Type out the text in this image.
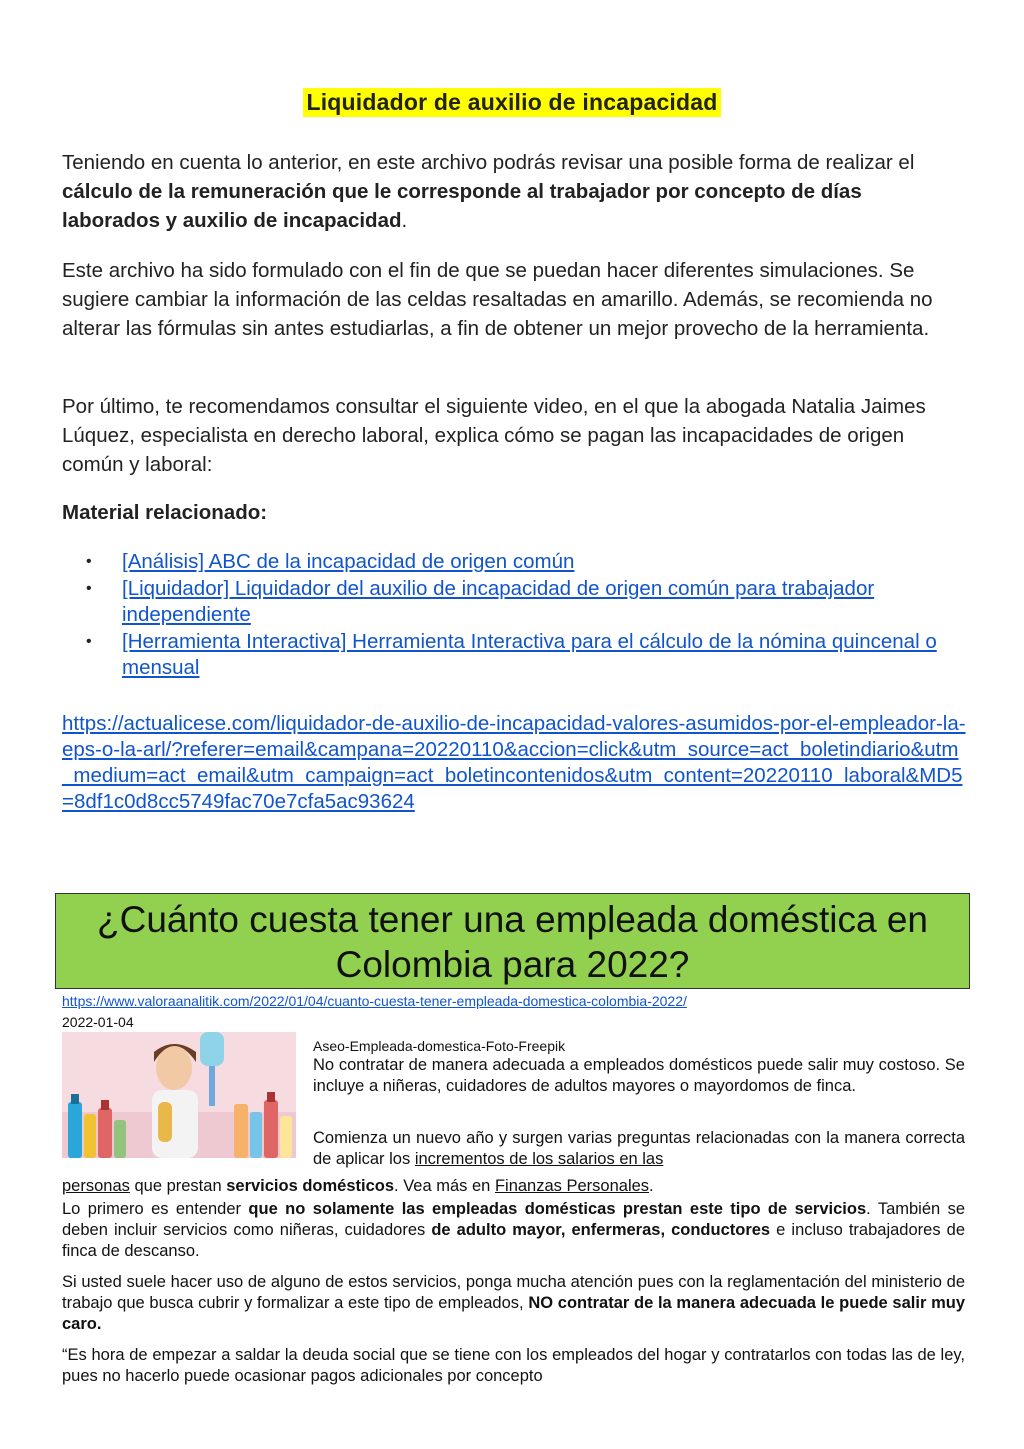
Liquidador de auxilio de incapacidad
Teniendo en cuenta lo anterior, en este archivo podrás revisar una posible forma de realizar el cálculo de la remuneración que le corresponde al trabajador por concepto de días laborados y auxilio de incapacidad.
Este archivo ha sido formulado con el fin de que se puedan hacer diferentes simulaciones. Se sugiere cambiar la información de las celdas resaltadas en amarillo. Además, se recomienda no alterar las fórmulas sin antes estudiarlas, a fin de obtener un mejor provecho de la herramienta.
Por último, te recomendamos consultar el siguiente video, en el que la abogada Natalia Jaimes Lúquez, especialista en derecho laboral, explica cómo se pagan las incapacidades de origen común y laboral:
Material relacionado:
• [Análisis] ABC de la incapacidad de origen común
• [Liquidador] Liquidador del auxilio de incapacidad de origen común para trabajador independiente
• [Herramienta Interactiva] Herramienta Interactiva para el cálculo de la nómina quincenal o mensual
https://actualicese.com/liquidador-de-auxilio-de-incapacidad-valores-asumidos-por-el-empleador-la-eps-o-la-arl/?referer=email&campana=20220110&accion=click&utm_source=act_boletindiario&utm_medium=act_email&utm_campaign=act_boletincontenidos&utm_content=20220110_laboral&MD5=8df1c0d8cc5749fac70e7cfa5ac93624
¿Cuánto cuesta tener una empleada doméstica en Colombia para 2022?
https://www.valoraanalitik.com/2022/01/04/cuanto-cuesta-tener-empleada-domestica-colombia-2022/
2022-01-04
Aseo-Empleada-domestica-Foto-Freepik
No contratar de manera adecuada a empleados domésticos puede salir muy costoso. Se incluye a niñeras, cuidadores de adultos mayores o mayordomos de finca.
Comienza un nuevo año y surgen varias preguntas relacionadas con la manera correcta de aplicar los incrementos de los salarios en las
personas que prestan servicios domésticos. Vea más en Finanzas Personales.
Lo primero es entender que no solamente las empleadas domésticas prestan este tipo de servicios. También se deben incluir servicios como niñeras, cuidadores de adulto mayor, enfermeras, conductores e incluso trabajadores de finca de descanso.
Si usted suele hacer uso de alguno de estos servicios, ponga mucha atención pues con la reglamentación del ministerio de trabajo que busca cubrir y formalizar a este tipo de empleados, NO contratar de la manera adecuada le puede salir muy caro.
“Es hora de empezar a saldar la deuda social que se tiene con los empleados del hogar y contratarlos con todas las de ley, pues no hacerlo puede ocasionar pagos adicionales por concepto
